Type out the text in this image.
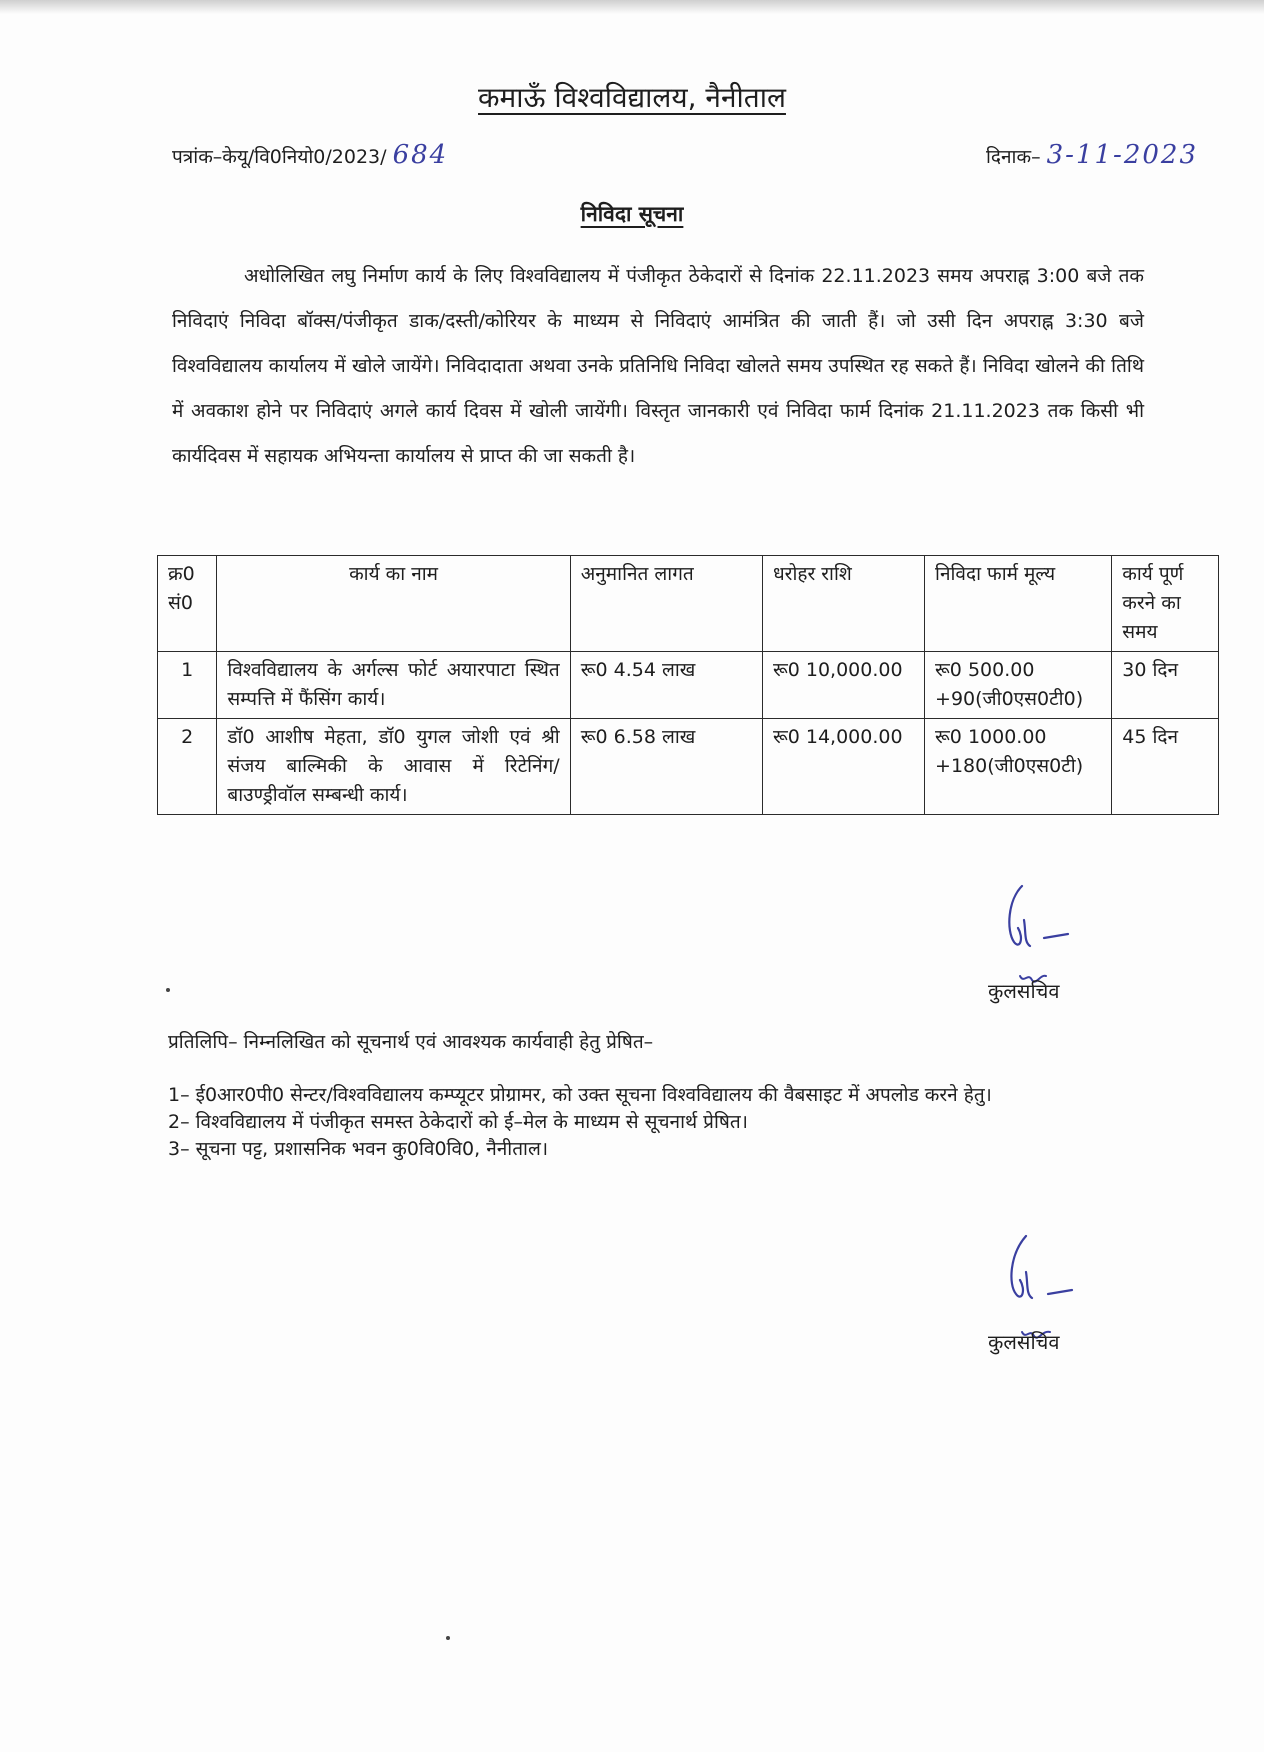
कमाऊँ विश्वविद्यालय, नैनीताल
पत्रांक–केयू/वि0नियो0/2023/ 684	दिनाक– 3-11-2023
निविदा सूचना
अधोलिखित लघु निर्माण कार्य के लिए विश्वविद्यालय में पंजीकृत ठेकेदारों से दिनांक 22.11.2023 समय अपराह्न 3:00 बजे तक निविदाएं निविदा बॉक्स/पंजीकृत डाक/दस्ती/कोरियर के माध्यम से निविदाएं आमंत्रित की जाती हैं। जो उसी दिन अपराह्न 3:30 बजे विश्वविद्यालय कार्यालय में खोले जायेंगे। निविदादाता अथवा उनके प्रतिनिधि निविदा खोलते समय उपस्थित रह सकते हैं। निविदा खोलने की तिथि में अवकाश होने पर निविदाएं अगले कार्य दिवस में खोली जायेंगी। विस्तृत जानकारी एवं निविदा फार्म दिनांक 21.11.2023 तक किसी भी कार्यदिवस में सहायक अभियन्ता कार्यालय से प्राप्त की जा सकती है।
क्र0 सं0	कार्य का नाम	अनुमानित लागत	धरोहर राशि	निविदा फार्म मूल्य	कार्य पूर्ण करने का समय
1	विश्वविद्यालय के अर्गल्स फोर्ट अयारपाटा स्थित सम्पत्ति में फैंसिंग कार्य।	रू0 4.54 लाख	रू0 10,000.00	रू0 500.00 +90(जी0एस0टी0)	30 दिन
2	डॉ0 आशीष मेहता, डॉ0 युगल जोशी एवं श्री संजय बाल्मिकी के आवास में रिटेनिंग/बाउण्ड्रीवॉल सम्बन्धी कार्य।	रू0 6.58 लाख	रू0 14,000.00	रू0 1000.00 +180(जी0एस0टी)	45 दिन
कुलसचिव
प्रतिलिपि– निम्नलिखित को सूचनार्थ एवं आवश्यक कार्यवाही हेतु प्रेषित–
1– ई0आर0पी0 सेन्टर/विश्वविद्यालय कम्प्यूटर प्रोग्रामर, को उक्त सूचना विश्वविद्यालय की वैबसाइट में अपलोड करने हेतु।
2– विश्वविद्यालय में पंजीकृत समस्त ठेकेदारों को ई–मेल के माध्यम से सूचनार्थ प्रेषित।
3– सूचना पट्ट, प्रशासनिक भवन कु0वि0वि0, नैनीताल।
कुलसचिव
